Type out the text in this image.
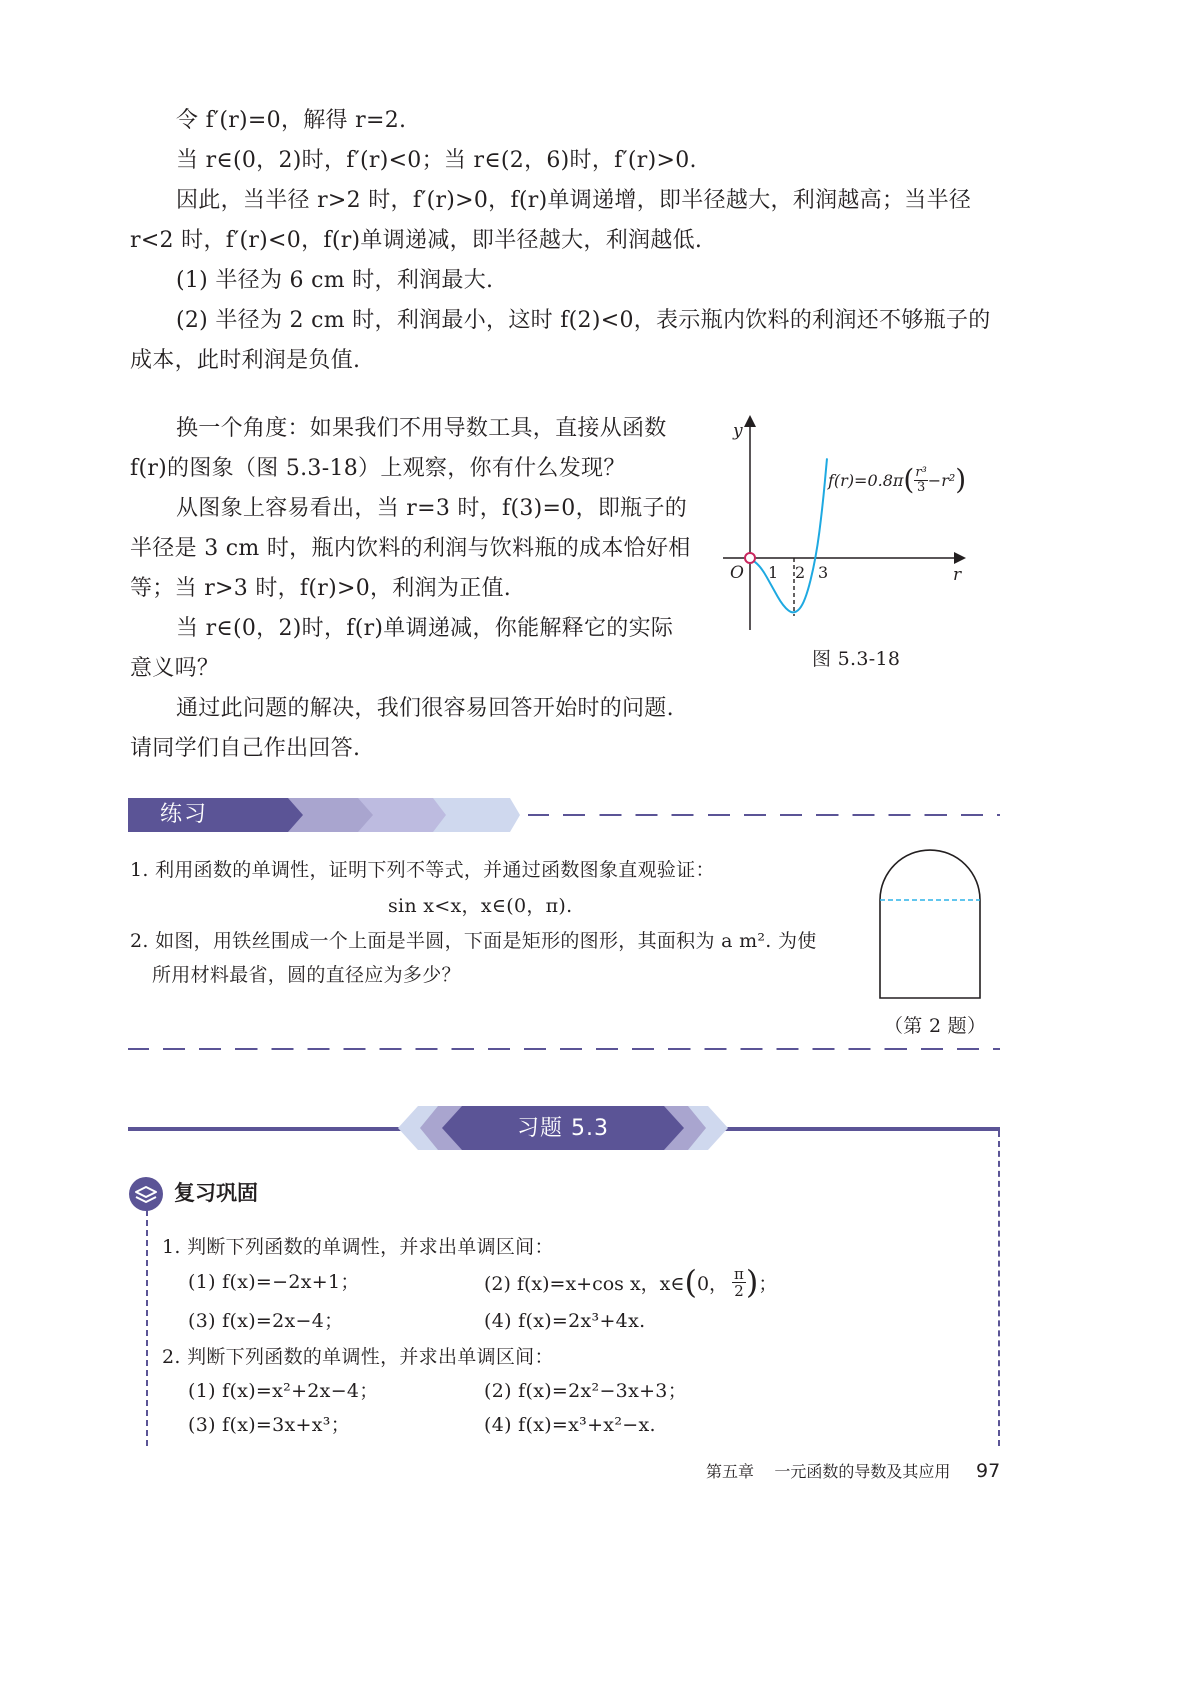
令 f′(r)=0，解得 r=2.
当 r∈(0，2)时，f′(r)<0；当 r∈(2，6)时，f′(r)>0.
因此，当半径 r>2 时，f′(r)>0，f(r)单调递增，即半径越大，利润越高；当半径
r<2 时，f′(r)<0，f(r)单调递减，即半径越大，利润越低.
(1) 半径为 6 cm 时，利润最大.
(2) 半径为 2 cm 时，利润最小，这时 f(2)<0，表示瓶内饮料的利润还不够瓶子的
成本，此时利润是负值.
换一个角度：如果我们不用导数工具，直接从函数
f(r)的图象（图 5.3-18）上观察，你有什么发现？
从图象上容易看出，当 r=3 时，f(3)=0，即瓶子的
半径是 3 cm 时，瓶内饮料的利润与饮料瓶的成本恰好相
等；当 r>3 时，f(r)>0，利润为正值.
当 r∈(0，2)时，f(r)单调递减，你能解释它的实际
意义吗？
通过此问题的解决，我们很容易回答开始时的问题.
请同学们自己作出回答.
y
r
O 1 2 3
f(r)=0.8π ( $\frac{\text{r³}}{3} -r^2$ )
图 5.3-18
练习
1. 利用函数的单调性，证明下列不等式，并通过函数图象直观验证：
sin x<x，x∈(0，π).
2. 如图，用铁丝围成一个上面是半圆，下面是矩形的图形，其面积为 a m². 为使
所用材料最省，圆的直径应为多少？
（第 2 题）
习题 5.3
复习巩固
1. 判断下列函数的单调性，并求出单调区间：
(1) f(x)=−2x+1；	(2) f(x)=x+cos x，x∈ ( 0， $\frac{\pi}{2}$ ) ；
(3) f(x)=2x−4；	(4) f(x)=2x³+4x.
2. 判断下列函数的单调性，并求出单调区间：
(1) f(x)=x²+2x−4；	(2) f(x)=2x²−3x+3；
(3) f(x)=3x+x³；	(4) f(x)=x³+x²−x.
第五章    一元函数的导数及其应用 97
